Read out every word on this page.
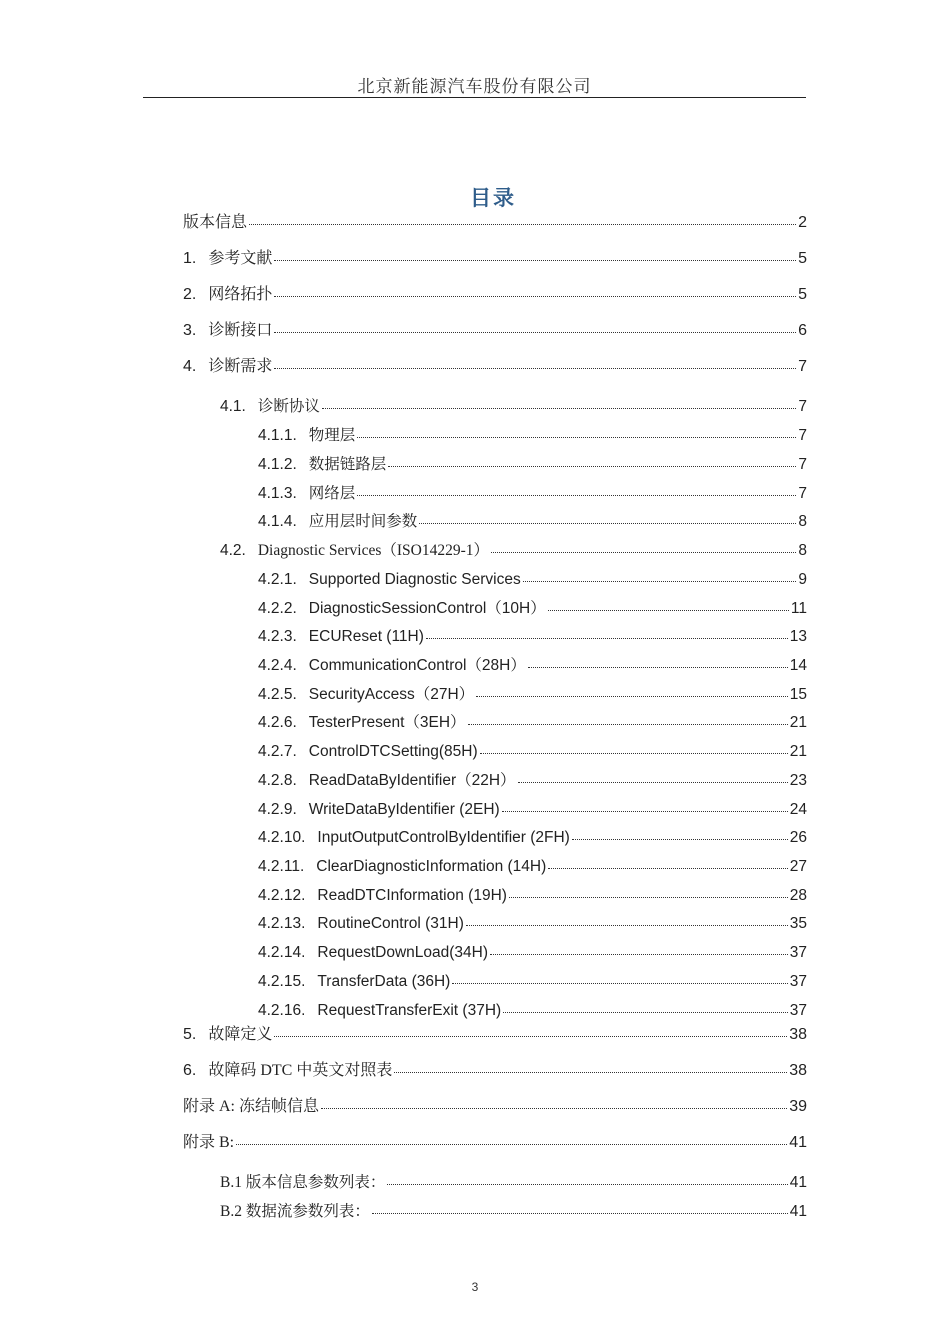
北京新能源汽车股份有限公司
目录
版本信息	2
1. 参考文献	5
2. 网络拓扑	5
3. 诊断接口	6
4. 诊断需求	7
4.1. 诊断协议	7
4.1.1. 物理层	7
4.1.2. 数据链路层	7
4.1.3. 网络层	7
4.1.4. 应用层时间参数	8
4.2. Diagnostic Services（ISO14229-1）	8
4.2.1. Supported Diagnostic Services	9
4.2.2. DiagnosticSessionControl（10H）	11
4.2.3. ECUReset (11H)	13
4.2.4. CommunicationControl（28H）	14
4.2.5. SecurityAccess（27H）	15
4.2.6. TesterPresent（3EH）	21
4.2.7. ControlDTCSetting(85H)	21
4.2.8. ReadDataByIdentifier（22H）	23
4.2.9. WriteDataByIdentifier (2EH)	24
4.2.10. InputOutputControlByIdentifier (2FH)	26
4.2.11. ClearDiagnosticInformation (14H)	27
4.2.12. ReadDTCInformation (19H)	28
4.2.13. RoutineControl (31H)	35
4.2.14. RequestDownLoad(34H)	37
4.2.15. TransferData (36H)	37
4.2.16. RequestTransferExit (37H)	37
5. 故障定义	38
6. 故障码 DTC 中英文对照表	38
附录 A: 冻结帧信息	39
附录 B:	41
B.1 版本信息参数列表：	41
B.2 数据流参数列表：	41
3
